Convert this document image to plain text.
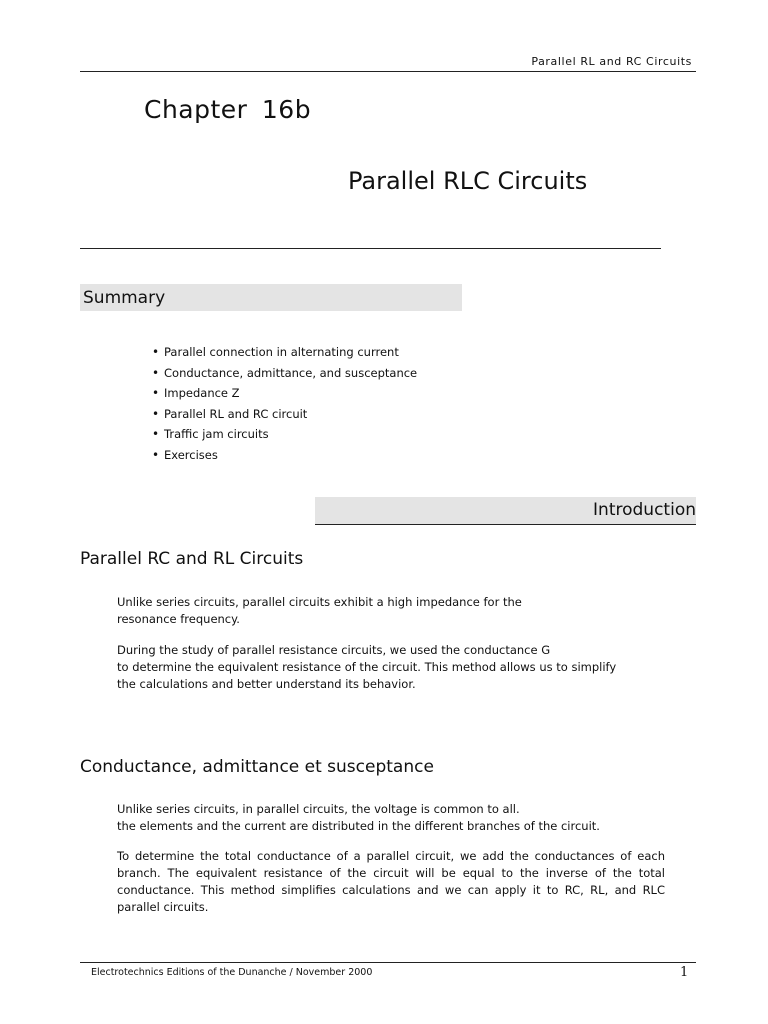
Parallel RL and RC Circuits
Chapter 16b
Parallel RLC Circuits
Summary
• Parallel connection in alternating current
• Conductance, admittance, and susceptance
• Impedance Z
• Parallel RL and RC circuit
• Traffic jam circuits
• Exercises
Introduction
Parallel RC and RL Circuits

Unlike series circuits, parallel circuits exhibit a high impedance for the

resonance frequency.

During the study of parallel resistance circuits, we used the conductance G

to determine the equivalent resistance of the circuit. This method allows us to simplify

the calculations and better understand its behavior.

Conductance, admittance et susceptance

Unlike series circuits, in parallel circuits, the voltage is common to all.

the elements and the current are distributed in the different branches of the circuit.

To determine the total conductance of a parallel circuit, we add the conductances of each branch. The equivalent resistance of the circuit will be equal to the inverse of the total conductance. This method simplifies calculations and we can apply it to RC, RL, and RLC parallel circuits.

Electrotechnics Editions of the Dunanche / November 2000	1
